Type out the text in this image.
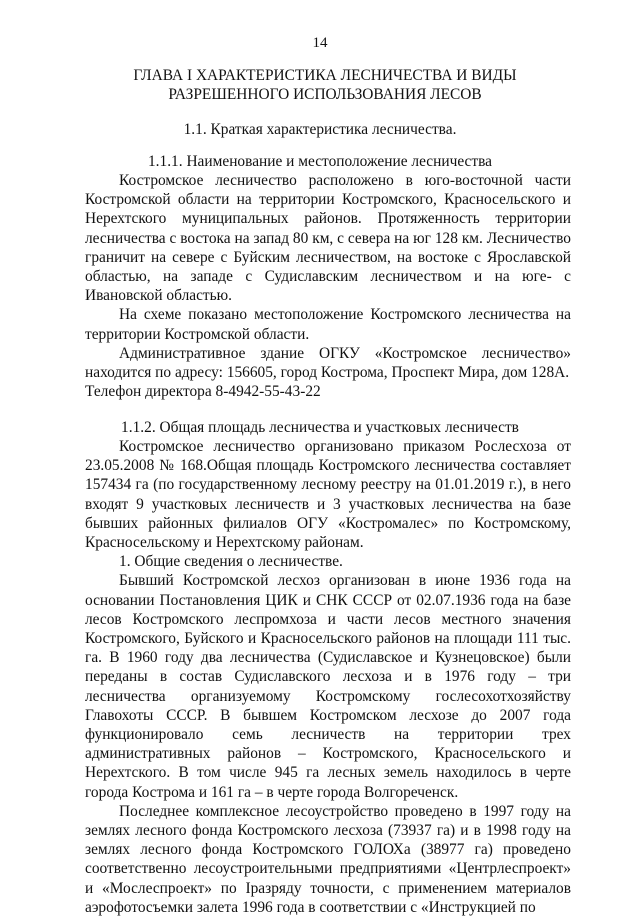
14
ГЛАВА I ХАРАКТЕРИСТИКА ЛЕСНИЧЕСТВА И ВИДЫ
РАЗРЕШЕННОГО ИСПОЛЬЗОВАНИЯ ЛЕСОВ
1.1. Краткая характеристика лесничества.
1.1.1. Наименование и местоположение лесничества

Костромское лесничество расположено в юго-восточной части Костромской области на территории Костромского, Красносельского и Нерехтского муниципальных районов. Протяженность территории лесничества с востока на запад 80 км, с севера на юг 128 км. Лесничество граничит на севере с Буйским лесничеством, на востоке с Ярославской областью, на западе с Судиславским лесничеством и на юге- с Ивановской областью.

На схеме показано местоположение Костромского лесничества на территории Костромской области.

Административное здание ОГКУ «Костромское лесничество» находится по адресу: 156605, город Кострома, Проспект Мира, дом 128А.

Телефон директора 8-4942-55-43-22

1.1.2. Общая площадь лесничества и участковых лесничеств

Костромское лесничество организовано приказом Рослесхоза от 23.05.2008 № 168.Общая площадь Костромского лесничества составляет 157434 га (по государственному лесному реестру на 01.01.2019 г.), в него входят 9 участковых лесничеств и 3 участковых лесничества на базе бывших районных филиалов ОГУ «Костромалес» по Костромскому, Красносельскому и Нерехтскому районам.

1. Общие сведения о лесничестве.

Бывший Костромской лесхоз организован в июне 1936 года на основании Постановления ЦИК и СНК СССР от 02.07.1936 года на базе лесов Костромского леспромхоза и части лесов местного значения Костромского, Буйского и Красносельского районов на площади 111 тыс. га. В 1960 году два лесничества (Судиславское и Кузнецовское) были переданы в состав Судиславского лесхоза и в 1976 году – три лесничества организуемому Костромскому гослесохотхозяйству Главохоты СССР. В бывшем Костромском лесхозе до 2007 года функционировало семь лесничеств на территории трех административных районов – Костромского, Красносельского и Нерехтского. В том числе 945 га лесных земель находилось в черте города Кострома и 161 га – в черте города Волгореченск.

Последнее комплексное лесоустройство проведено в 1997 году на землях лесного фонда Костромского лесхоза (73937 га) и в 1998 году на землях лесного фонда Костромского ГОЛОХа (38977 га) проведено соответственно лесоустроительными предприятиями «Центрлеспроект» и «Мослеспроект» по Iразряду точности, с применением материалов аэрофотосъемки залета 1996 года в соответствии с «Инструкцией по
